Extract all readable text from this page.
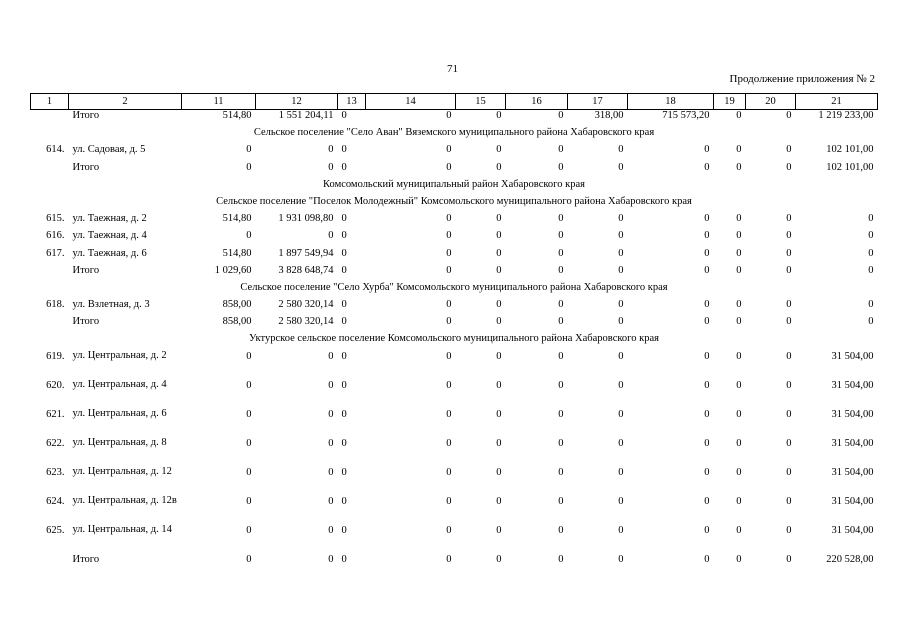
71
Продолжение приложения № 2
1	2	11	12	13	14	15	16	17	18	19	20	21
	Итого	514,80	1 551 204,11	0	0	0	0	318,00	715 573,20	0	0	1 219 233,00
Сельское поселение "Село Аван" Вяземского муниципального района Хабаровского края												
614.	ул. Садовая, д. 5	0	0	0	0	0	0	0	0	0	0	102 101,00
	Итого	0	0	0	0	0	0	0	0	0	0	102 101,00
Комсомольский муниципальный район Хабаровского края												
Сельское поселение "Поселок Молодежный" Комсомольского муниципального района Хабаровского края												
615.	ул. Таежная, д. 2	514,80	1 931 098,80	0	0	0	0	0	0	0	0	0
616.	ул. Таежная, д. 4	0	0	0	0	0	0	0	0	0	0	0
617.	ул. Таежная, д. 6	514,80	1 897 549,94	0	0	0	0	0	0	0	0	0
	Итого	1 029,60	3 828 648,74	0	0	0	0	0	0	0	0	0
Сельское поселение "Село Хурба" Комсомольского муниципального района Хабаровского края												
618.	ул. Взлетная, д. 3	858,00	2 580 320,14	0	0	0	0	0	0	0	0	0
	Итого	858,00	2 580 320,14	0	0	0	0	0	0	0	0	0
Уктурское сельское поселение Комсомольского муниципального района Хабаровского края												
619.	ул. Центральная, д. 2	0	0	0	0	0	0	0	0	0	0	31 504,00
620.	ул. Центральная, д. 4	0	0	0	0	0	0	0	0	0	0	31 504,00
621.	ул. Центральная, д. 6	0	0	0	0	0	0	0	0	0	0	31 504,00
622.	ул. Центральная, д. 8	0	0	0	0	0	0	0	0	0	0	31 504,00
623.	ул. Центральная, д. 12	0	0	0	0	0	0	0	0	0	0	31 504,00
624.	ул. Центральная, д. 12в	0	0	0	0	0	0	0	0	0	0	31 504,00
625.	ул. Центральная, д. 14	0	0	0	0	0	0	0	0	0	0	31 504,00
	Итого	0	0	0	0	0	0	0	0	0	0	220 528,00
